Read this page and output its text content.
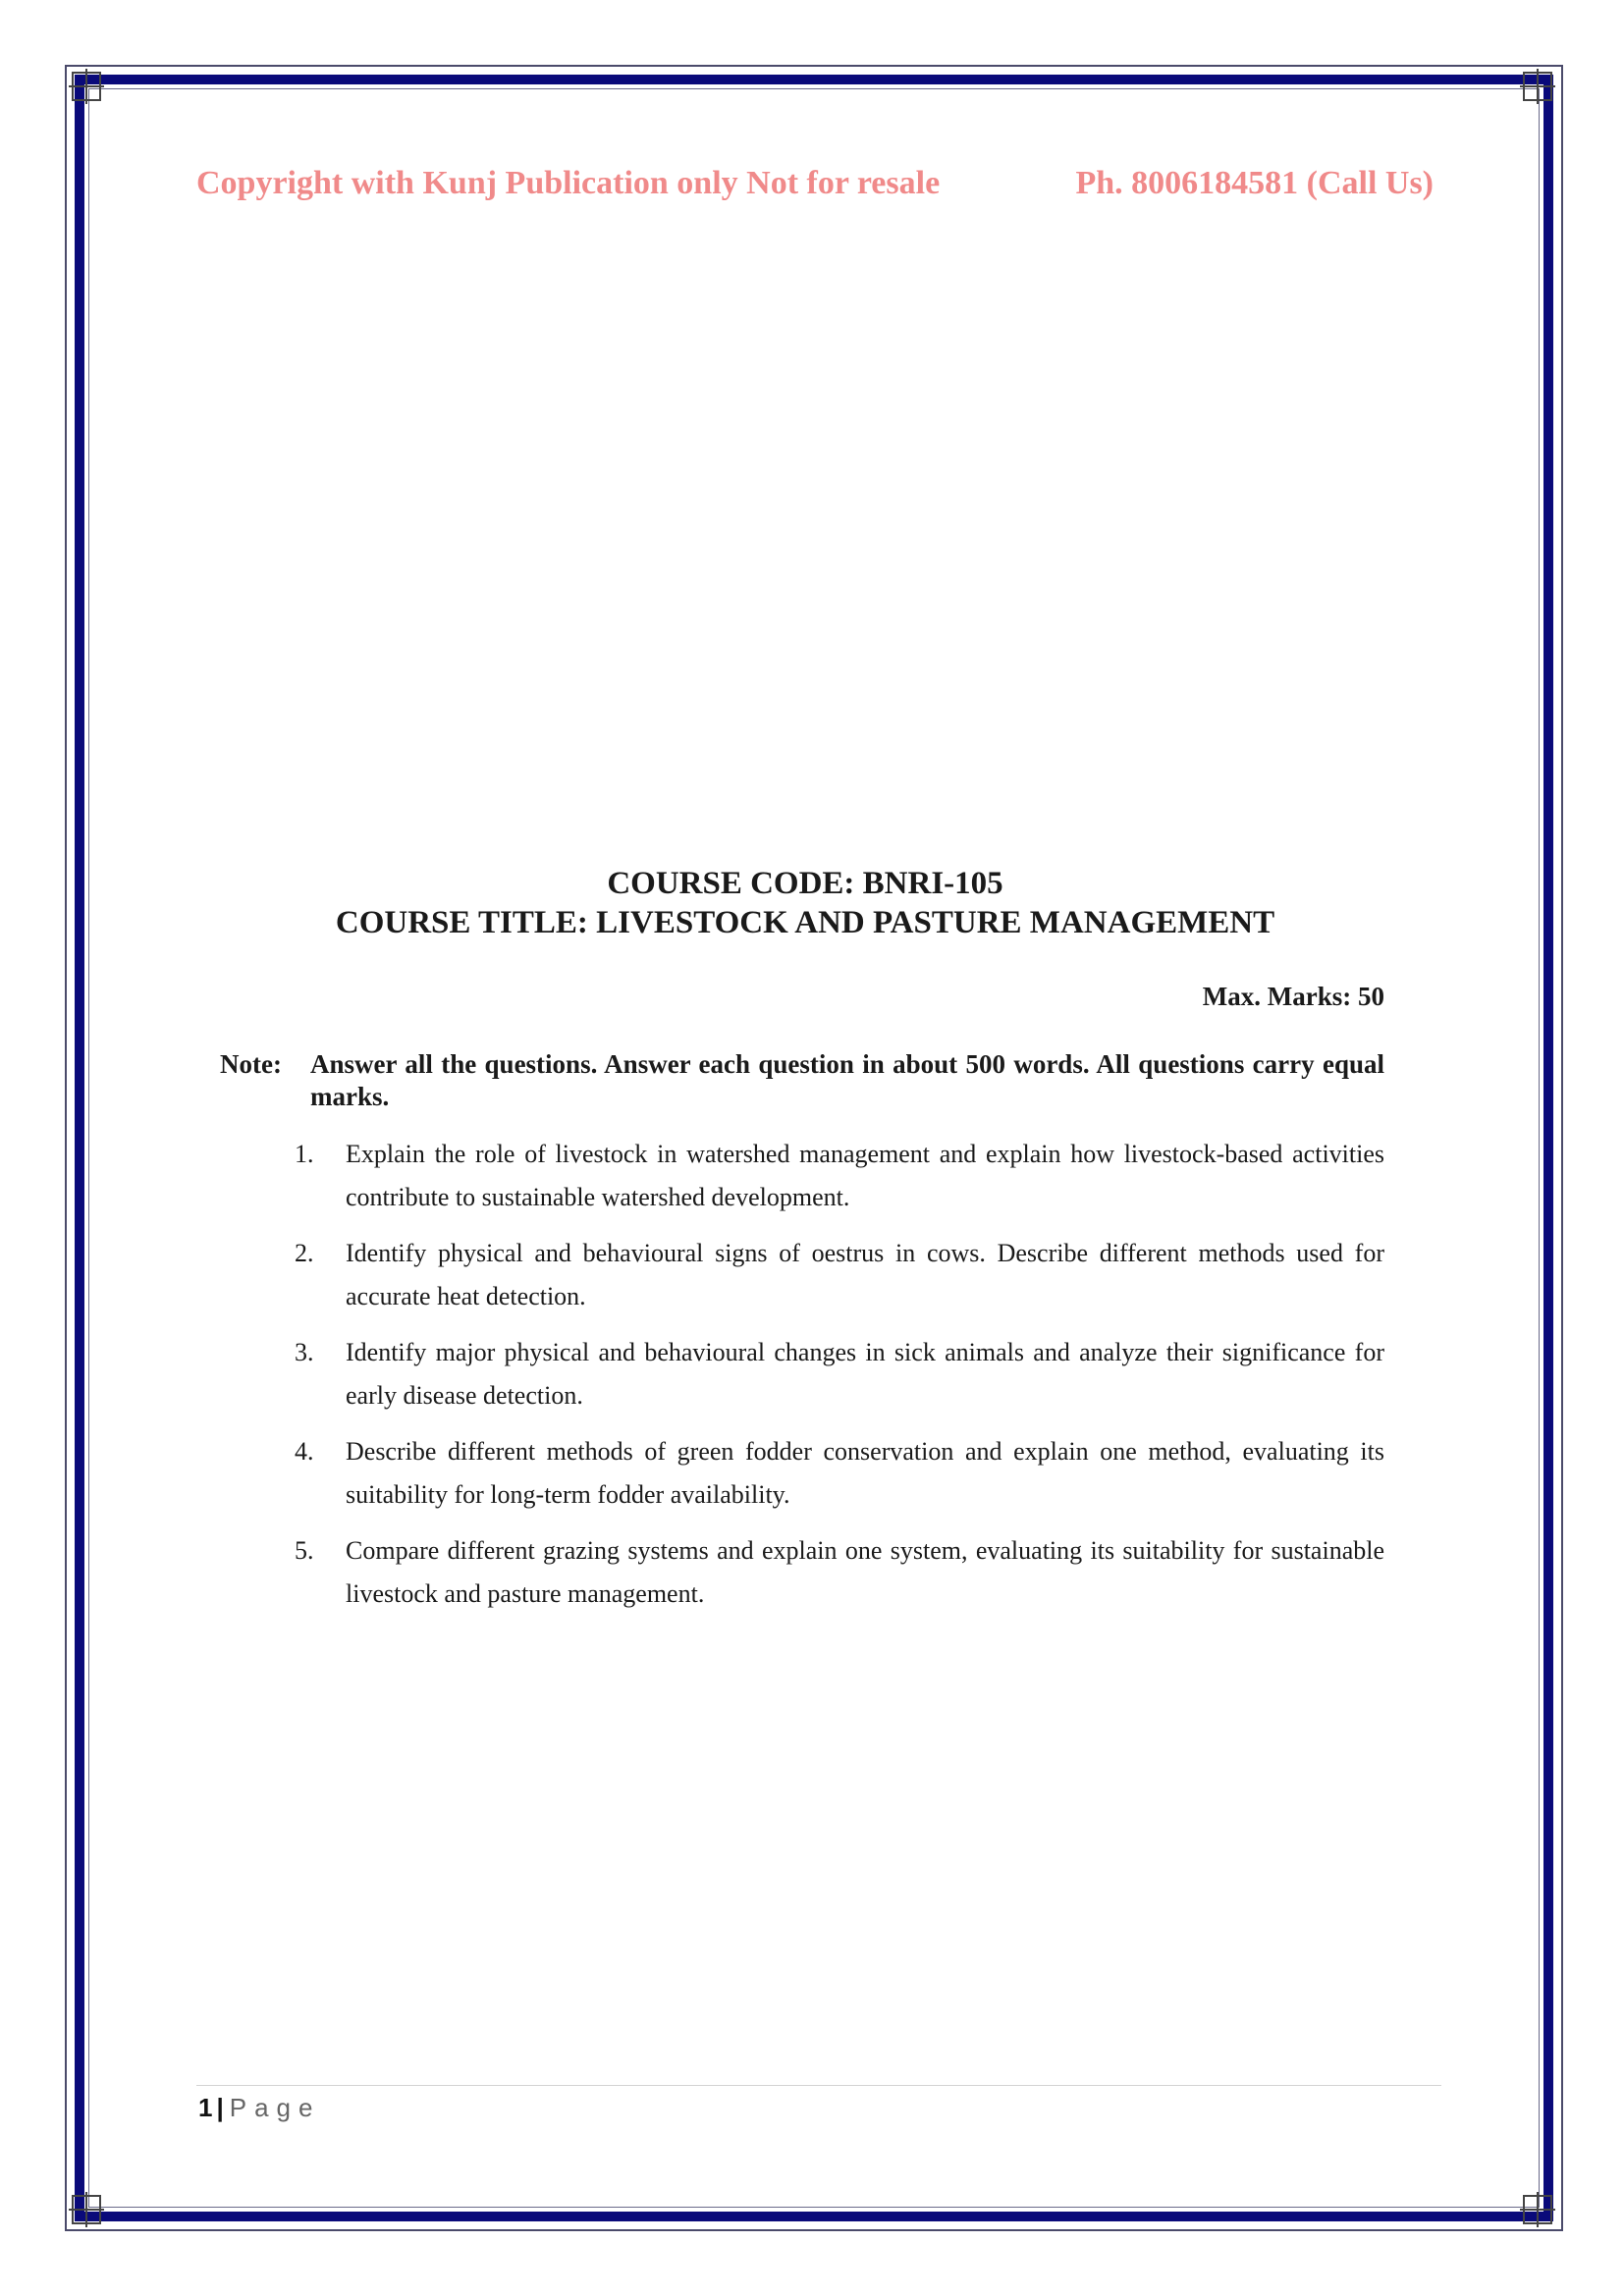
Copyright with Kunj Publication only Not for resale	Ph. 8006184581 (Call Us)
COURSE CODE: BNRI-105
COURSE TITLE: LIVESTOCK AND PASTURE MANAGEMENT
Max. Marks: 50
Note:	Answer all the questions. Answer each question in about 500 words. All questions carry equal marks.
1.	Explain the role of livestock in watershed management and explain how livestock-based activities contribute to sustainable watershed development.
2.	Identify physical and behavioural signs of oestrus in cows. Describe different methods used for accurate heat detection.
3.	Identify major physical and behavioural changes in sick animals and analyze their significance for early disease detection.
4.	Describe different methods of green fodder conservation and explain one method, evaluating its suitability for long-term fodder availability.
5.	Compare different grazing systems and explain one system, evaluating its suitability for sustainable livestock and pasture management.
1 | Page
